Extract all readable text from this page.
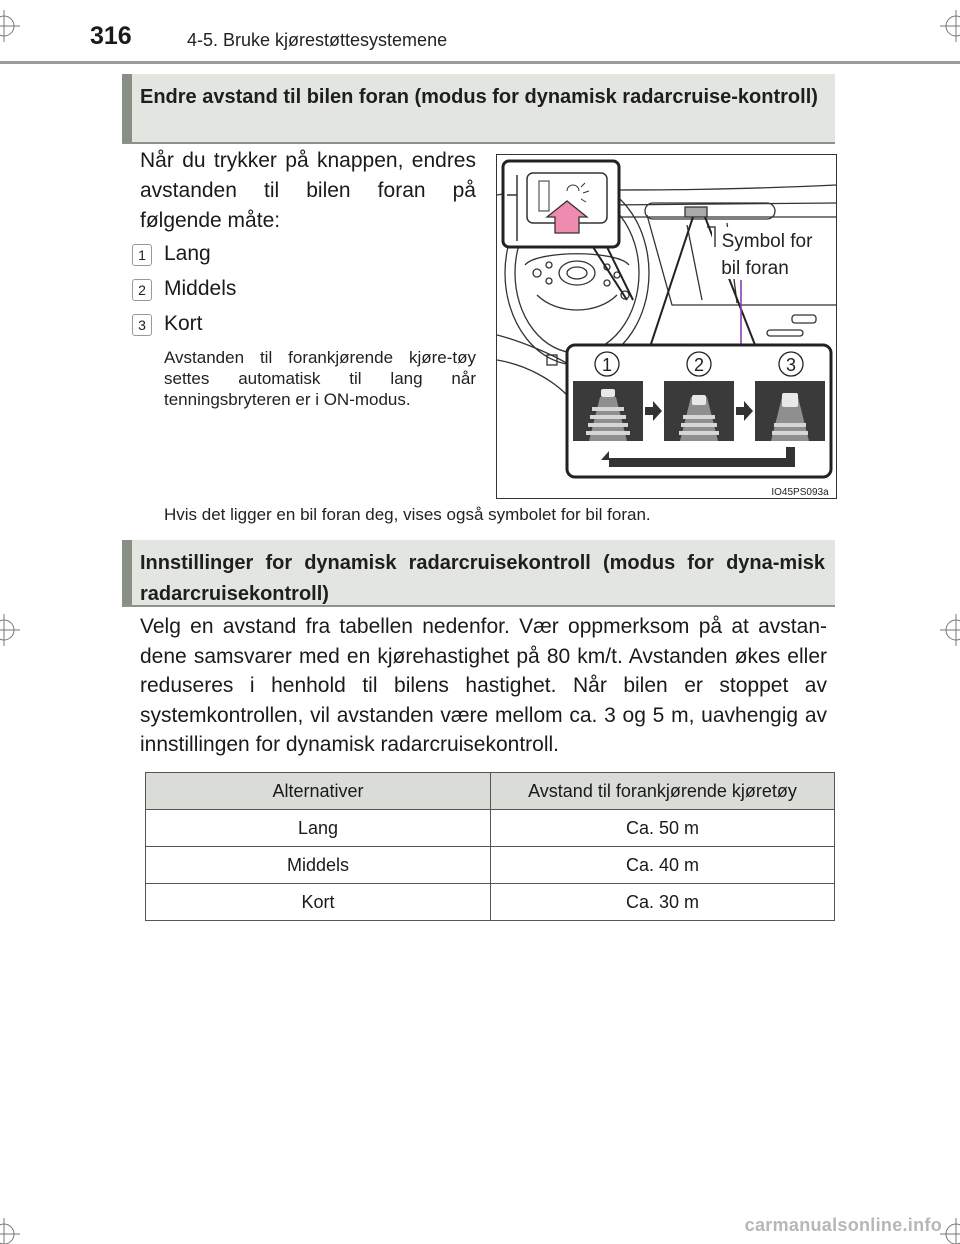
316	4-5. Bruke kjørestøttesystemene
Endre avstand til bilen foran (modus for dynamisk radarcruise-kontroll)
Når du trykker på knappen, endres avstanden til bilen foran på følgende måte:
1 Lang
2 Middels
3 Kort
Avstanden til forankjørende kjøre-tøy settes automatisk til lang når tenningsbryteren er i ON-modus.
Symbol for
bil foran
1	2	3
IO45PS093a
Hvis det ligger en bil foran deg, vises også symbolet for bil foran.
Innstillinger for dynamisk radarcruisekontroll (modus for dyna-misk radarcruisekontroll)
Velg en avstand fra tabellen nedenfor. Vær oppmerksom på at avstan-dene samsvarer med en kjørehastighet på 80 km/t. Avstanden økes eller reduseres i henhold til bilens hastighet. Når bilen er stoppet av systemkontrollen, vil avstanden være mellom ca. 3 og 5 m, uavhengig av innstillingen for dynamisk radarcruisekontroll.
Alternativer	Avstand til forankjørende kjøretøy
Lang	Ca. 50 m
Middels	Ca. 40 m
Kort	Ca. 30 m
carmanualsonline.info
